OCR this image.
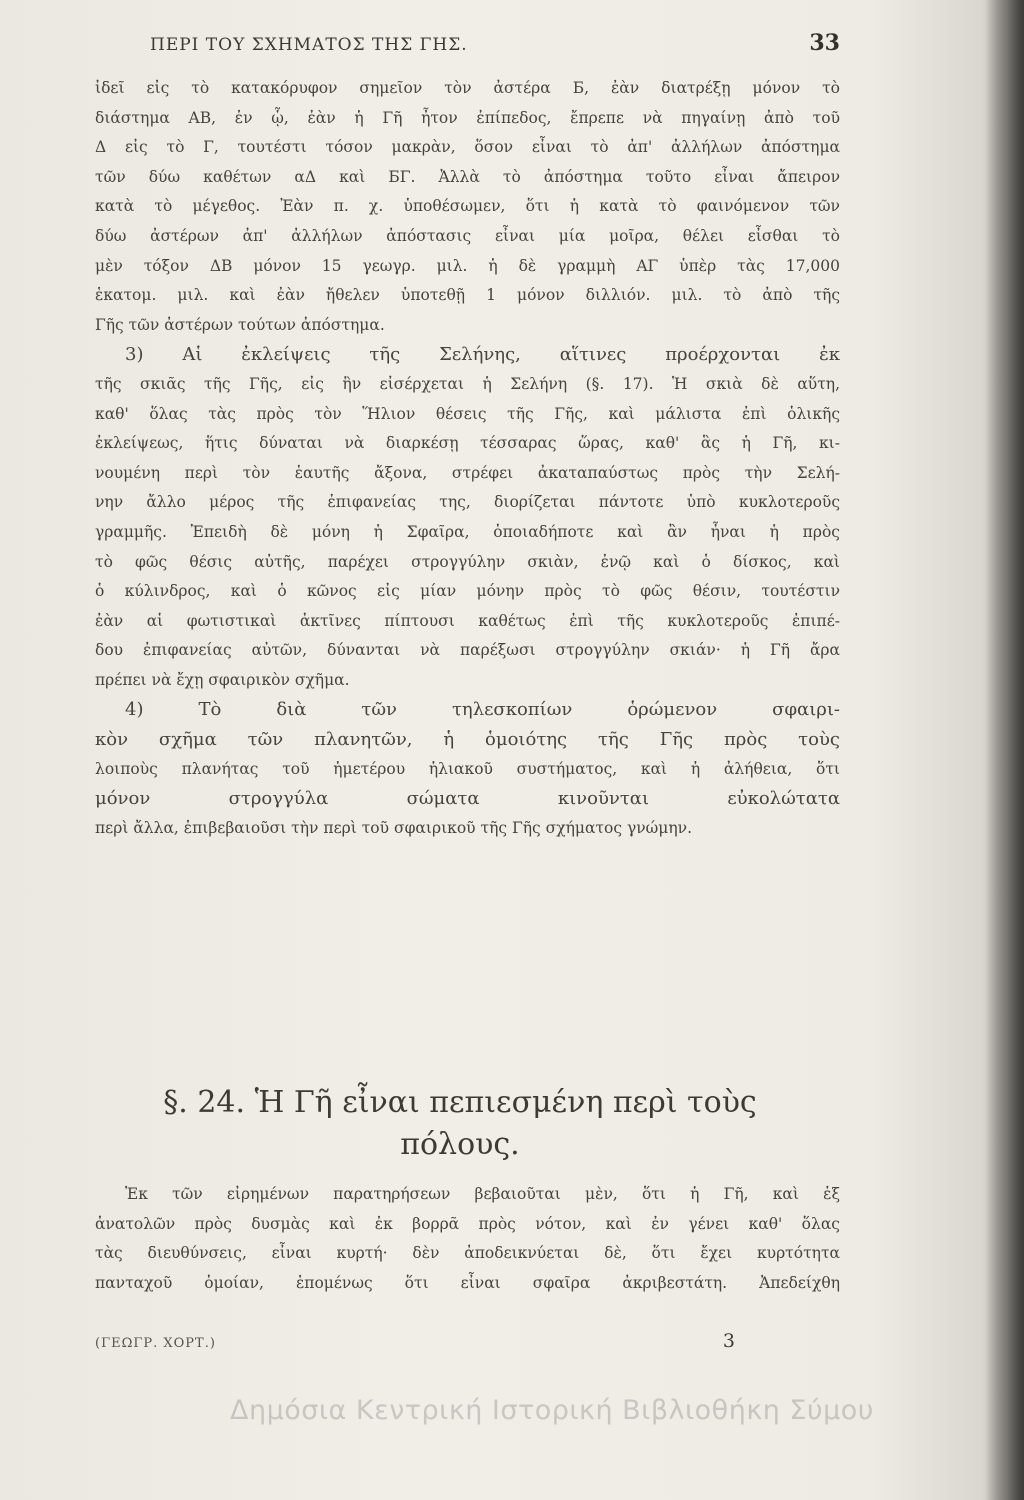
ΠΕΡΙ ΤΟΥ ΣΧΗΜΑΤΟΣ ΤΗΣ ΓΗΣ.	33
ἰδεῖ εἰς τὸ κατακόρυφον σημεῖον τὸν ἀστέρα Б, ἐὰν διατρέξῃ μόνον τὸ
διάστημα ΑΒ, ἐν ᾧ, ἐὰν ἡ Γῆ ἦτον ἐπίπεδος, ἔπρεπε νὰ πηγαίνῃ ἀπὸ τοῦ
Δ εἰς τὸ Γ, τουτέστι τόσον μακρὰν, ὅσον εἶναι τὸ ἀπ' ἀλλήλων ἀπόστημα
τῶν δύω καθέτων αΔ καὶ БΓ. Ἀλλὰ τὸ ἀπόστημα τοῦτο εἶναι ἄπειρον
κατὰ τὸ μέγεθος. Ἐὰν π. χ. ὑποθέσωμεν, ὅτι ἡ κατὰ τὸ φαινόμενον τῶν
δύω ἀστέρων ἀπ' ἀλλήλων ἀπόστασις εἶναι μία μοῖρα, θέλει εἶσθαι τὸ
μὲν τόξον ΔΒ μόνον 15 γεωγρ. μιλ. ἡ δὲ γραμμὴ ΑΓ ὑπὲρ τὰς 17,000
ἑκατομ. μιλ. καὶ ἐὰν ἤθελεν ὑποτεθῇ 1 μόνον διλλιόν. μιλ. τὸ ἀπὸ τῆς
Γῆς τῶν ἀστέρων τούτων ἀπόστημα.
3) Αἱ ἐκλείψεις τῆς Σελήνης, αἵτινες προέρχονται ἐκ
τῆς σκιᾶς τῆς Γῆς, εἰς ἣν εἰσέρχεται ἡ Σελήνη (§. 17). Ἡ σκιὰ δὲ αὕτη,
καθ' ὅλας τὰς πρὸς τὸν Ἥλιον θέσεις τῆς Γῆς, καὶ μάλιστα ἐπὶ ὁλικῆς
ἐκλείψεως, ἥτις δύναται νὰ διαρκέσῃ τέσσαρας ὥρας, καθ' ἃς ἡ Γῆ, κι-
νουμένη περὶ τὸν ἑαυτῆς ἄξονα, στρέφει ἀκαταπαύστως πρὸς τὴν Σελή-
νην ἄλλο μέρος τῆς ἐπιφανείας της, διορίζεται πάντοτε ὑπὸ κυκλοτεροῦς
γραμμῆς. Ἐπειδὴ δὲ μόνη ἡ Σφαῖρα, ὁποιαδήποτε καὶ ἂν ἦναι ἡ πρὸς
τὸ φῶς θέσις αὐτῆς, παρέχει στρογγύλην σκιὰν, ἐνῷ καὶ ὁ δίσκος, καὶ
ὁ κύλινδρος, καὶ ὁ κῶνος εἰς μίαν μόνην πρὸς τὸ φῶς θέσιν, τουτέστιν
ἐὰν αἱ φωτιστικαὶ ἀκτῖνες πίπτουσι καθέτως ἐπὶ τῆς κυκλοτεροῦς ἐπιπέ-
δου ἐπιφανείας αὐτῶν, δύνανται νὰ παρέξωσι στρογγύλην σκιάν· ἡ Γῆ ἄρα
πρέπει νὰ ἔχῃ σφαιρικὸν σχῆμα.
4) Τὸ διὰ τῶν τηλεσκοπίων ὁρώμενον σφαιρι-
κὸν σχῆμα τῶν πλανητῶν, ἡ ὁμοιότης τῆς Γῆς πρὸς τοὺς
λοιποὺς πλανήτας τοῦ ἡμετέρου ἡλιακοῦ συστήματος, καὶ ἡ ἀλήθεια, ὅτι
μόνον στρογγύλα σώματα κινοῦνται εὐκολώτατα
περὶ ἄλλα, ἐπιβεβαιοῦσι τὴν περὶ τοῦ σφαιρικοῦ τῆς Γῆς σχήματος γνώμην.
§. 24. Ἡ Γῆ εἶναι πεπιεσμένη περὶ τοὺς
πόλους.
Ἐκ τῶν εἰρημένων παρατηρήσεων βεβαιοῦται μὲν, ὅτι ἡ Γῆ, καὶ ἐξ
ἀνατολῶν πρὸς δυσμὰς καὶ ἐκ βορρᾶ πρὸς νότον, καὶ ἐν γένει καθ' ὅλας
τὰς διευθύνσεις, εἶναι κυρτή· δὲν ἀποδεικνύεται δὲ, ὅτι ἔχει κυρτότητα
πανταχοῦ ὁμοίαν, ἑπομένως ὅτι εἶναι σφαῖρα ἀκριβεστάτη. Ἀπεδείχθη
(ΓΕΩΓΡ. ΧΟΡΤ.)	3
Δημόσια Κεντρική Ιστορική Βιβλιοθήκη Σύμου
